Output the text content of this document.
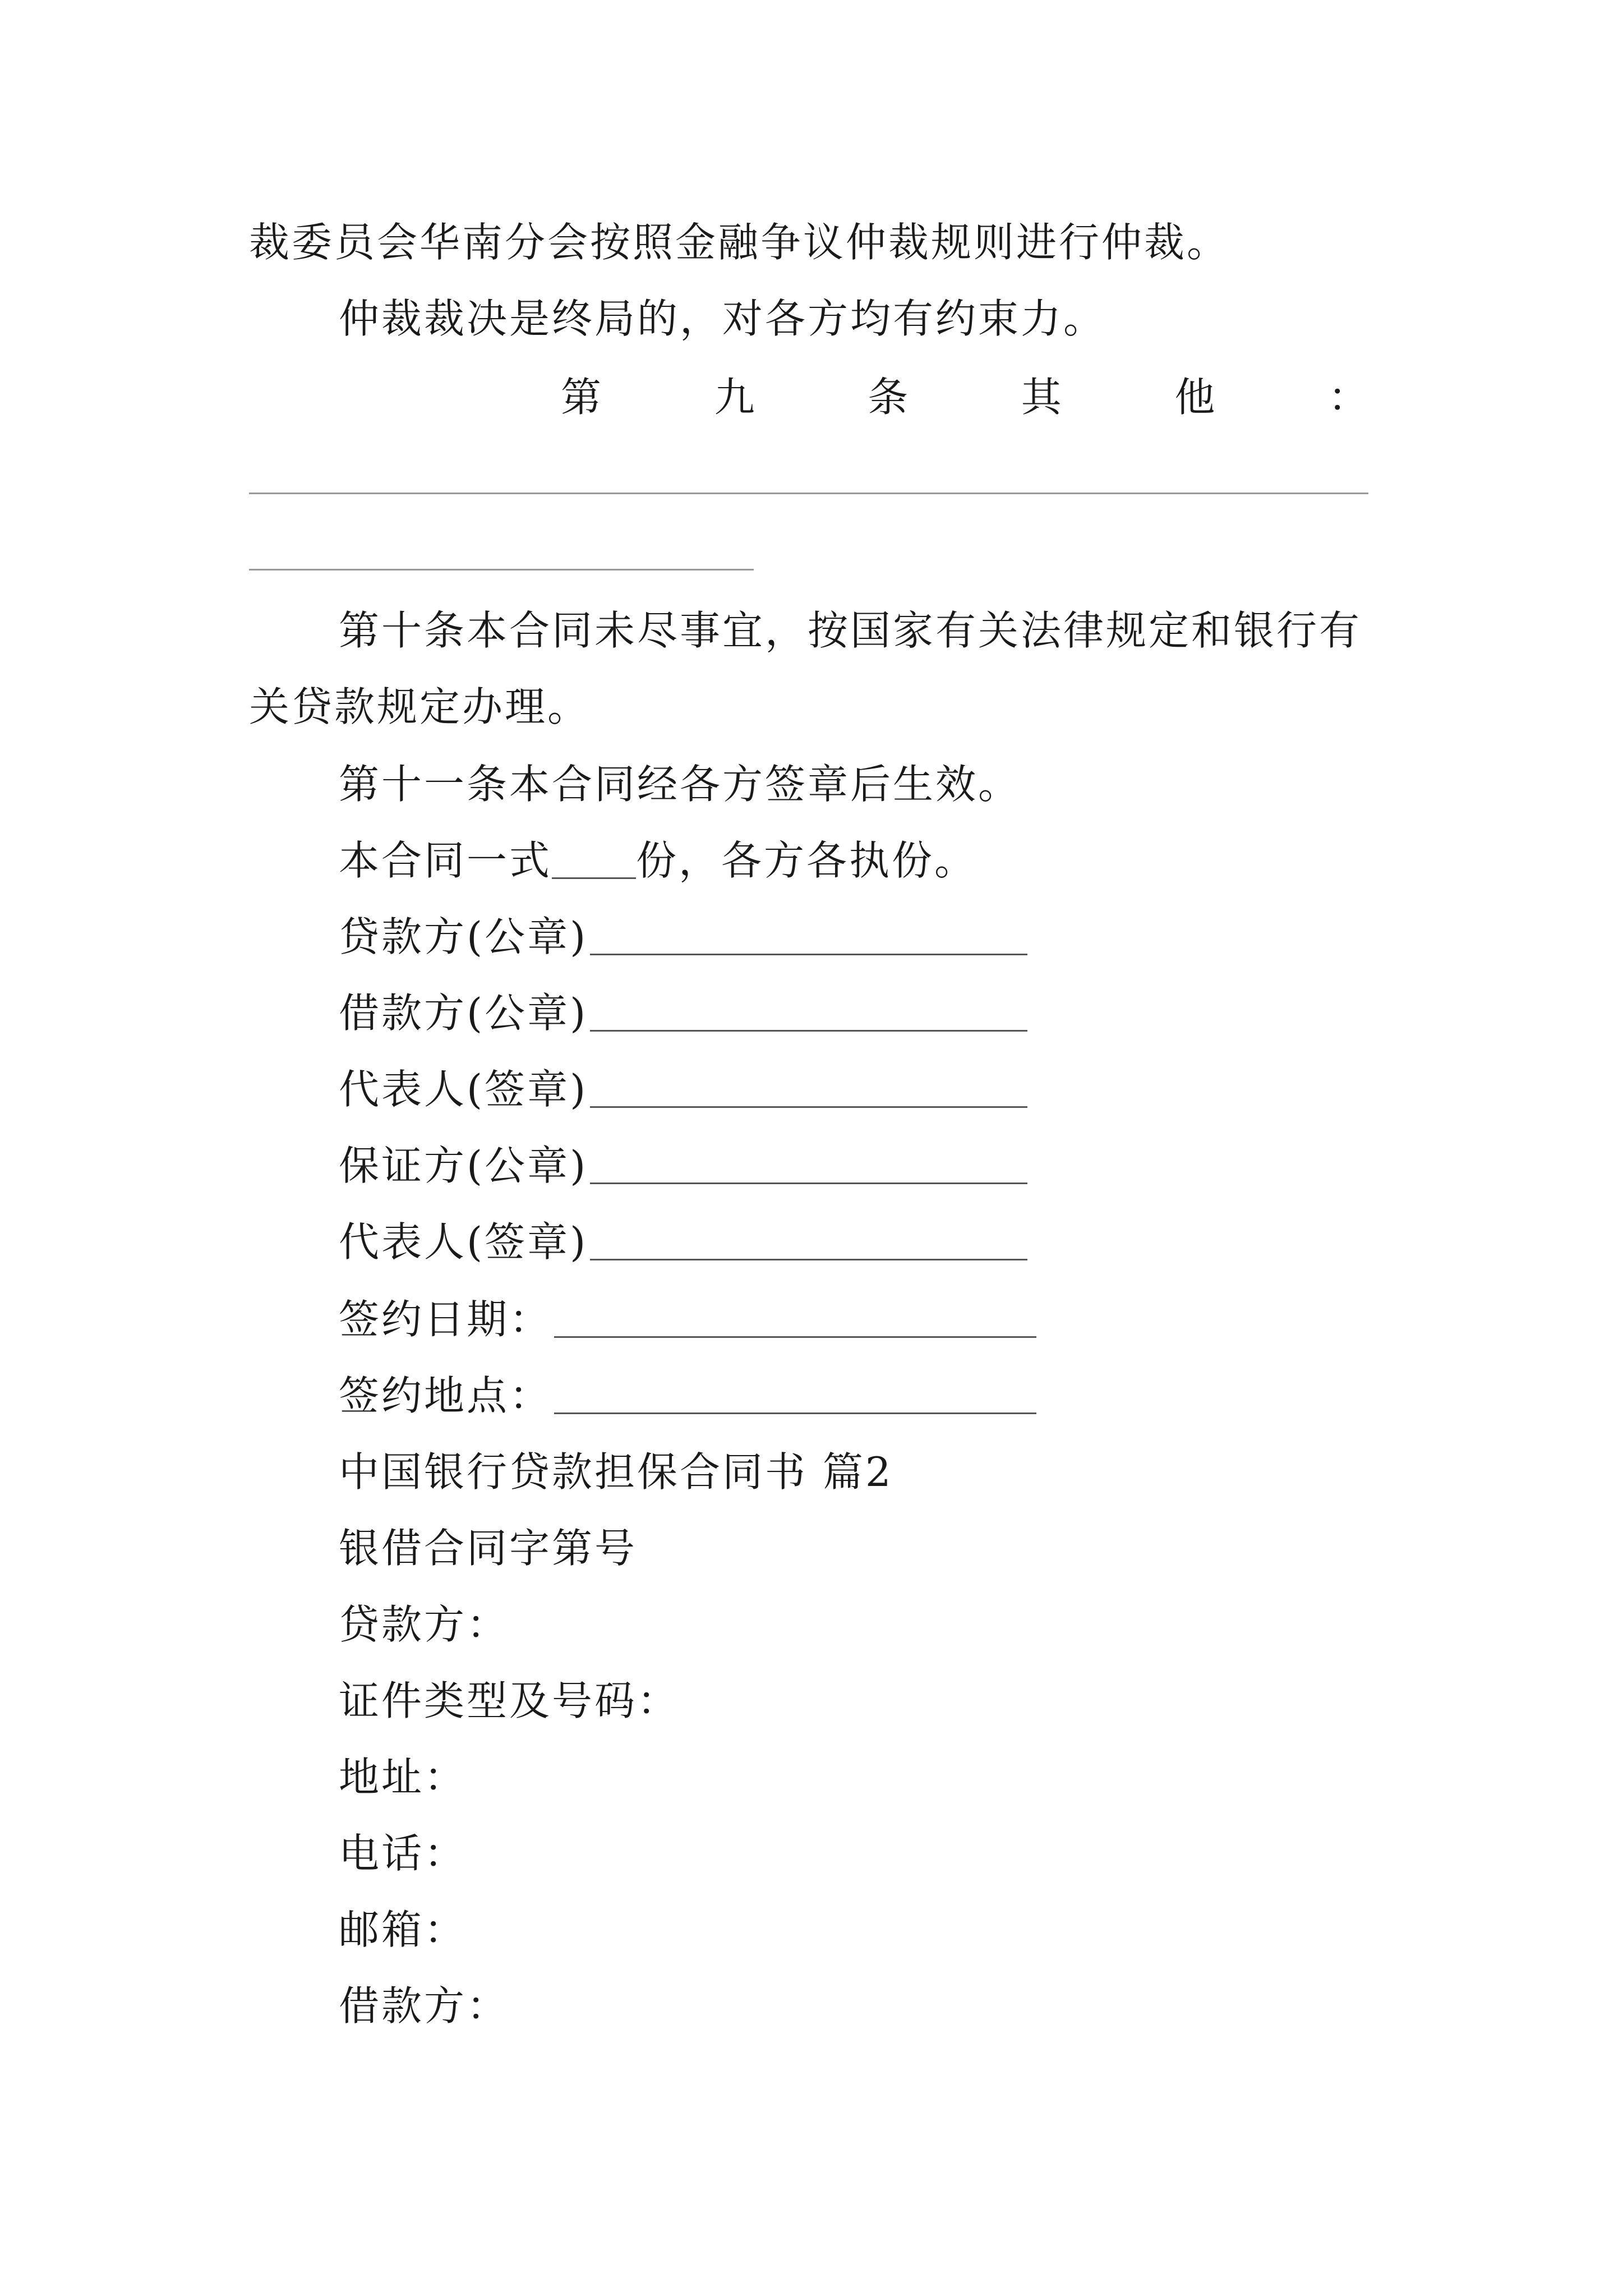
裁委员会华南分会按照金融争议仲裁规则进行仲裁。
仲裁裁决是终局的，对各方均有约束力。
第	九	条	其	他	：
第十条本合同未尽事宜，按国家有关法律规定和银行有
关贷款规定办理。
第十一条本合同经各方签章后生效。
本合同一式 份，各方各执份。
贷款方(公章)
借款方(公章)
代表人(签章)
保证方(公章)
代表人(签章)
签约日期：
签约地点：
中国银行贷款担保合同书 篇2
银借合同字第号
贷款方：
证件类型及号码：
地址：
电话：
邮箱：
借款方：
